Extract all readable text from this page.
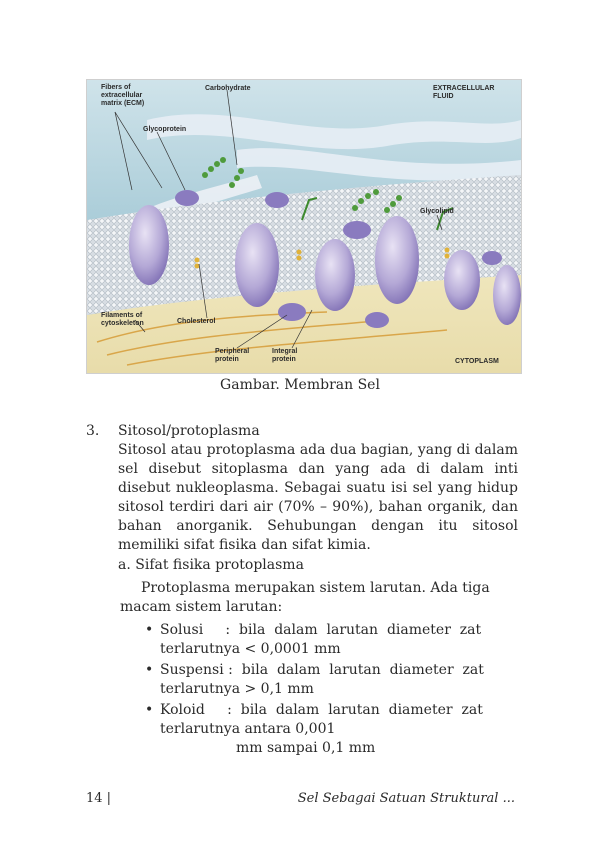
Fibers of extracellular matrix (ECM)
Carbohydrate	EXTRACELLULAR FLUID
Glycoprotein
Glycolipid
Filaments of cytoskeleton	Cholesterol
Peripheral protein
Integral protein	CYTOPLASM
Gambar. Membran Sel
3. Sitosol/protoplasma
Sitosol atau protoplasma ada dua bagian, yang di dalam sel disebut sitoplasma dan yang ada di dalam inti disebut nukleoplasma. Sebagai suatu isi sel yang hidup sitosol terdiri dari air (70% – 90%), bahan organik, dan bahan anorganik. Sehubungan dengan itu sitosol memiliki sifat fisika dan sifat kimia.
a. Sifat fisika protoplasma
Protoplasma merupakan sistem larutan. Ada tiga
macam sistem larutan:
• Solusi     :  bila  dalam  larutan  diameter  zat
terlarutnya < 0,0001 mm
• Suspensi :  bila  dalam  larutan  diameter  zat
terlarutnya > 0,1 mm
• Koloid     :  bila  dalam  larutan  diameter  zat
terlarutnya antara 0,001
mm sampai 0,1 mm
14 |	Sel Sebagai Satuan Struktural ...
